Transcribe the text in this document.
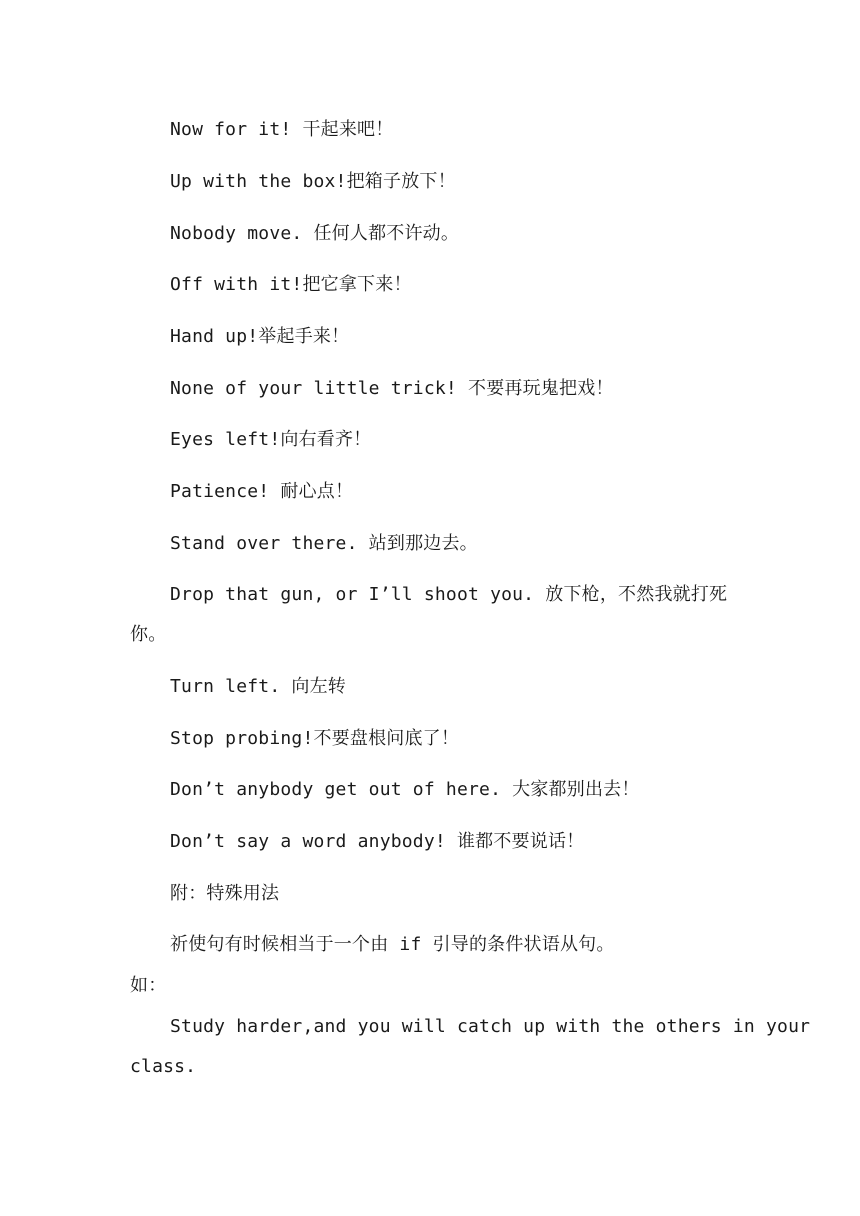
Now for it! 干起来吧！
Up with the box!把箱子放下！
Nobody move. 任何人都不许动。
Off with it!把它拿下来！
Hand up!举起手来！
None of your little trick! 不要再玩鬼把戏！
Eyes left!向右看齐！
Patience! 耐心点！
Stand over there. 站到那边去。
Drop that gun, or I’ll shoot you. 放下枪，不然我就打死
你。
Turn left. 向左转
Stop probing!不要盘根问底了！
Don’t anybody get out of here. 大家都别出去！
Don’t say a word anybody! 谁都不要说话！
附：特殊用法
祈使句有时候相当于一个由 if 引导的条件状语从句。
如：
Study harder,and you will catch up with the others in your
class.
